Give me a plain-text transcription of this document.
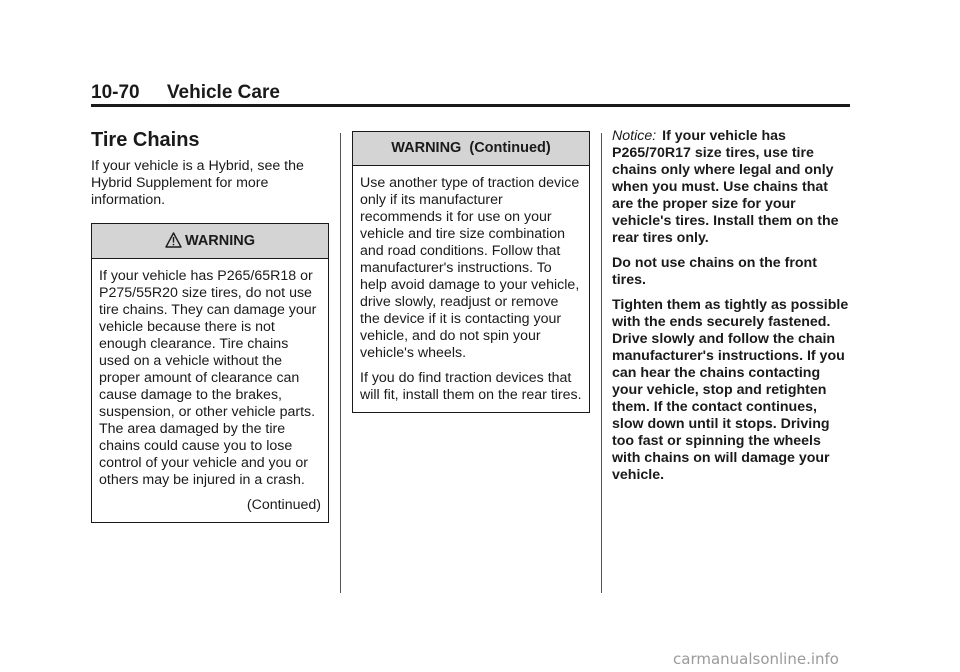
10-70 Vehicle Care
Tire Chains

If your vehicle is a Hybrid, see the Hybrid Supplement for more information.

WARNING

If your vehicle has P265/65R18 or P275/55R20 size tires, do not use tire chains. They can damage your vehicle because there is not enough clearance. Tire chains used on a vehicle without the proper amount of clearance can cause damage to the brakes, suspension, or other vehicle parts. The area damaged by the tire chains could cause you to lose control of your vehicle and you or others may be injured in a crash.

(Continued)

WARNING  (Continued)

Use another type of traction device only if its manufacturer recommends it for use on your vehicle and tire size combination and road conditions. Follow that manufacturer's instructions. To help avoid damage to your vehicle, drive slowly, readjust or remove the device if it is contacting your vehicle, and do not spin your vehicle's wheels.

If you do find traction devices that will fit, install them on the rear tires.

Notice: If your vehicle has P265/70R17 size tires, use tire chains only where legal and only when you must. Use chains that are the proper size for your vehicle's tires. Install them on the rear tires only.

Do not use chains on the front tires.

Tighten them as tightly as possible with the ends securely fastened. Drive slowly and follow the chain manufacturer's instructions. If you can hear the chains contacting your vehicle, stop and retighten them. If the contact continues, slow down until it stops. Driving too fast or spinning the wheels with chains on will damage your vehicle.

carmanualsonline.info
